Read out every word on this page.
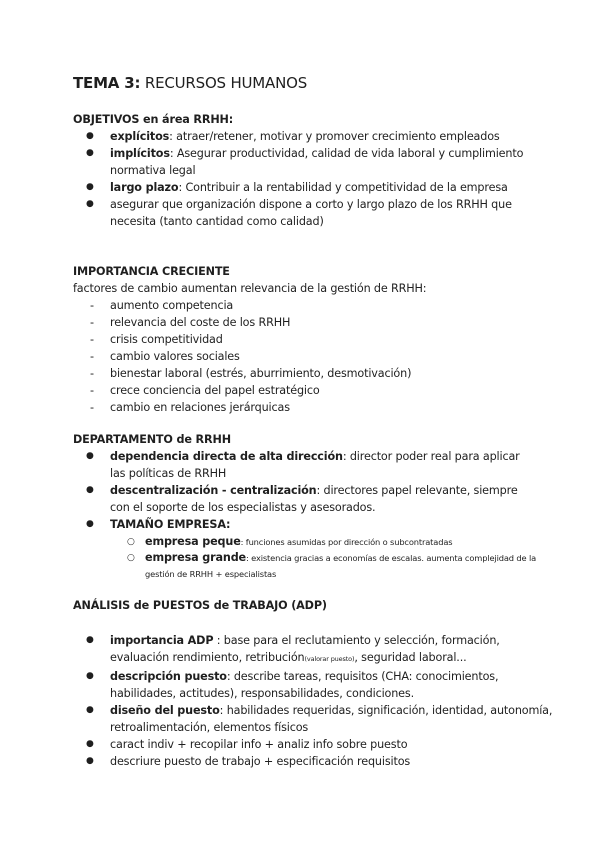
TEMA 3: RECURSOS HUMANOS
OBJETIVOS en área RRHH:
● explícitos: atraer/retener, motivar y promover crecimiento empleados
● implícitos: Asegurar productividad, calidad de vida laboral y cumplimiento normativa legal
● largo plazo: Contribuir a la rentabilidad y competitividad de la empresa
● asegurar que organización dispone a corto y largo plazo de los RRHH que necesita (tanto cantidad como calidad)
IMPORTANCIA CRECIENTE
factores de cambio aumentan relevancia de la gestión de RRHH:
- aumento competencia
- relevancia del coste de los RRHH
- crisis competitividad
- cambio valores sociales
- bienestar laboral (estrés, aburrimiento, desmotivación)
- crece conciencia del papel estratégico
- cambio en relaciones jerárquicas
DEPARTAMENTO de RRHH
● dependencia directa de alta dirección: director poder real para aplicar las políticas de RRHH
● descentralización - centralización: directores papel relevante, siempre con el soporte de los especialistas y asesorados.
● TAMAÑO EMPRESA:
○ empresa peque: funciones asumidas por dirección o subcontratadas
○ empresa grande: existencia gracias a economías de escalas. aumenta complejidad de la gestión de RRHH + especialistas
ANÁLISIS de PUESTOS de TRABAJO (ADP)
● importancia ADP : base para el reclutamiento y selección, formación, evaluación rendimiento, retribución(valorar puesto), seguridad laboral...
● descripción puesto: describe tareas, requisitos (CHA: conocimientos, habilidades, actitudes), responsabilidades, condiciones.
● diseño del puesto: habilidades requeridas, significación, identidad, autonomía, retroalimentación, elementos físicos
● caract indiv + recopilar info + analiz info sobre puesto
● descriure puesto de trabajo + especificación requisitos
